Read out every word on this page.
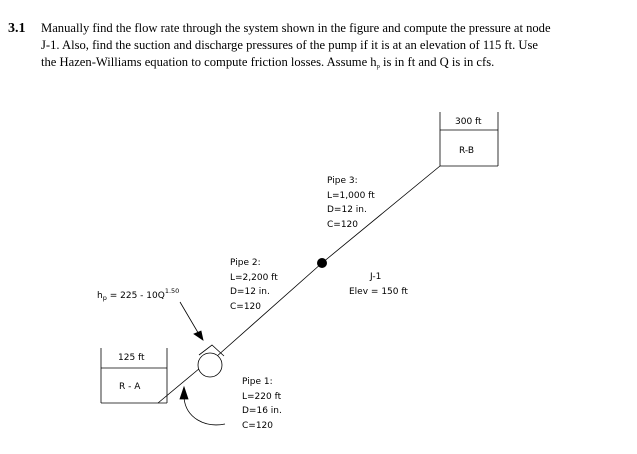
3.1 Manually find the flow rate through the system shown in the figure and compute the pressure at node
J-1. Also, find the suction and discharge pressures of the pump if it is at an elevation of 115 ft. Use
the Hazen-Williams equation to compute friction losses. Assume $h_p$ is in ft and Q is in cfs.
125 ft
R - A
300 ft
R-B
$h_p = 225 - 10Q^{1.50}$
Pipe 2:
L=2,200 ft
D=12 in.
C=120
Pipe 3:
L=1,000 ft
D=12 in.
C=120
Pipe 1:
L=220 ft
D=16 in.
C=120
J-1
Elev = 150 ft
